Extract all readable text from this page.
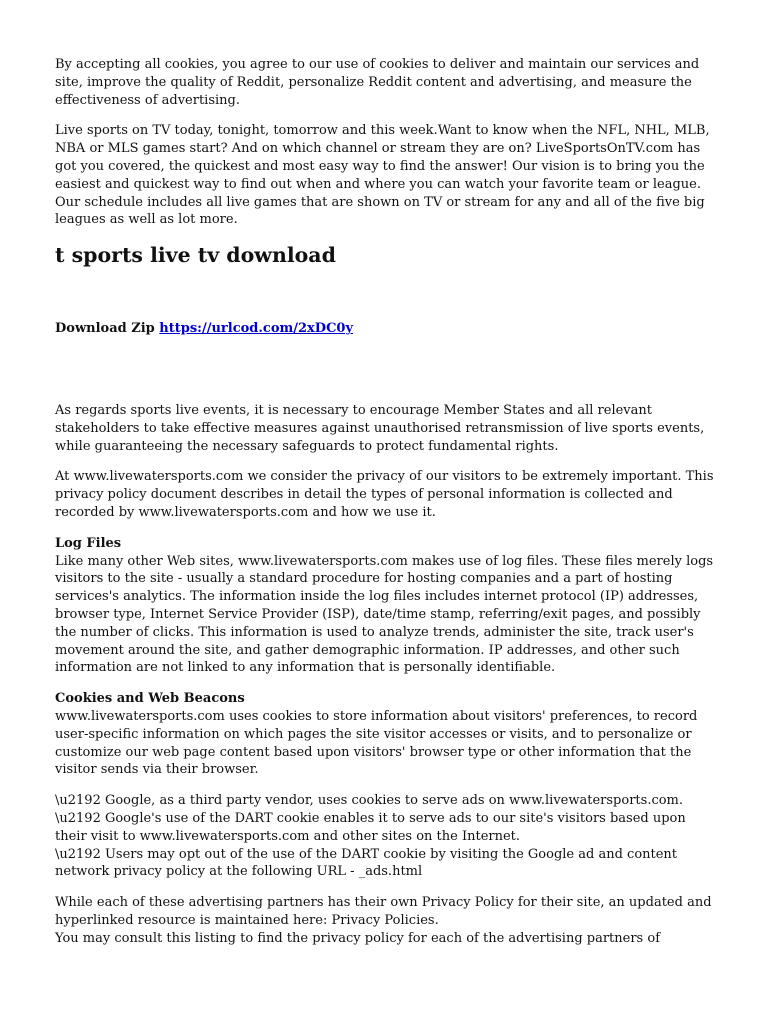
By accepting all cookies, you agree to our use of cookies to deliver and maintain our services and site, improve the quality of Reddit, personalize Reddit content and advertising, and measure the effectiveness of advertising.

Live sports on TV today, tonight, tomorrow and this week.Want to know when the NFL, NHL, MLB, NBA or MLS games start? And on which channel or stream they are on? LiveSportsOnTV.com has got you covered, the quickest and most easy way to find the answer! Our vision is to bring you the easiest and quickest way to find out when and where you can watch your favorite team or league. Our schedule includes all live games that are shown on TV or stream for any and all of the five big leagues as well as lot more.

t sports live tv download

Download Zip https://urlcod.com/2xDC0y

As regards sports live events, it is necessary to encourage Member States and all relevant stakeholders to take effective measures against unauthorised retransmission of live sports events, while guaranteeing the necessary safeguards to protect fundamental rights.

At www.livewatersports.com we consider the privacy of our visitors to be extremely important. This privacy policy document describes in detail the types of personal information is collected and recorded by www.livewatersports.com and how we use it.

Log Files
Like many other Web sites, www.livewatersports.com makes use of log files. These files merely logs visitors to the site - usually a standard procedure for hosting companies and a part of hosting services's analytics. The information inside the log files includes internet protocol (IP) addresses, browser type, Internet Service Provider (ISP), date/time stamp, referring/exit pages, and possibly the number of clicks. This information is used to analyze trends, administer the site, track user's movement around the site, and gather demographic information. IP addresses, and other such information are not linked to any information that is personally identifiable.

Cookies and Web Beacons
www.livewatersports.com uses cookies to store information about visitors' preferences, to record user-specific information on which pages the site visitor accesses or visits, and to personalize or customize our web page content based upon visitors' browser type or other information that the visitor sends via their browser.

\u2192 Google, as a third party vendor, uses cookies to serve ads on www.livewatersports.com.
\u2192 Google's use of the DART cookie enables it to serve ads to our site's visitors based upon their visit to www.livewatersports.com and other sites on the Internet.
\u2192 Users may opt out of the use of the DART cookie by visiting the Google ad and content network privacy policy at the following URL - _ads.html

While each of these advertising partners has their own Privacy Policy for their site, an updated and hyperlinked resource is maintained here: Privacy Policies.
You may consult this listing to find the privacy policy for each of the advertising partners of
